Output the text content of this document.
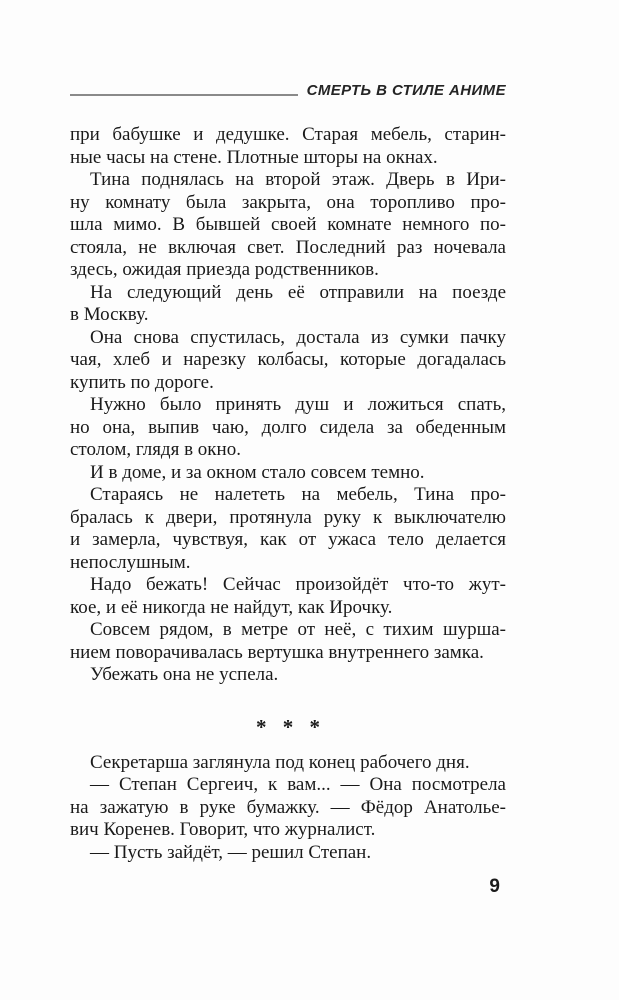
СМЕРТЬ В СТИЛЕ АНИМЕ
при бабушке и дедушке. Старая мебель, старин-
ные часы на стене. Плотные шторы на окнах.
Тина поднялась на второй этаж. Дверь в Ири-
ну комнату была закрыта, она торопливо про-
шла мимо. В бывшей своей комнате немного по-
стояла, не включая свет. Последний раз ночевала
здесь, ожидая приезда родственников.
На следующий день её отправили на поезде
в Москву.
Она снова спустилась, достала из сумки пачку
чая, хлеб и нарезку колбасы, которые догадалась
купить по дороге.
Нужно было принять душ и ложиться спать,
но она, выпив чаю, долго сидела за обеденным
столом, глядя в окно.
И в доме, и за окном стало совсем темно.
Стараясь не налететь на мебель, Тина про-
бралась к двери, протянула руку к выключателю
и замерла, чувствуя, как от ужаса тело делается
непослушным.
Надо бежать! Сейчас произойдёт что-то жут-
кое, и её никогда не найдут, как Ирочку.
Совсем рядом, в метре от неё, с тихим шурша-
нием поворачивалась вертушка внутреннего замка.
Убежать она не успела.
* * *
Секретарша заглянула под конец рабочего дня.
— Степан Сергеич, к вам... — Она посмотрела
на зажатую в руке бумажку. — Фёдор Анатолье-
вич Коренев. Говорит, что журналист.
— Пусть зайдёт, — решил Степан.
9
